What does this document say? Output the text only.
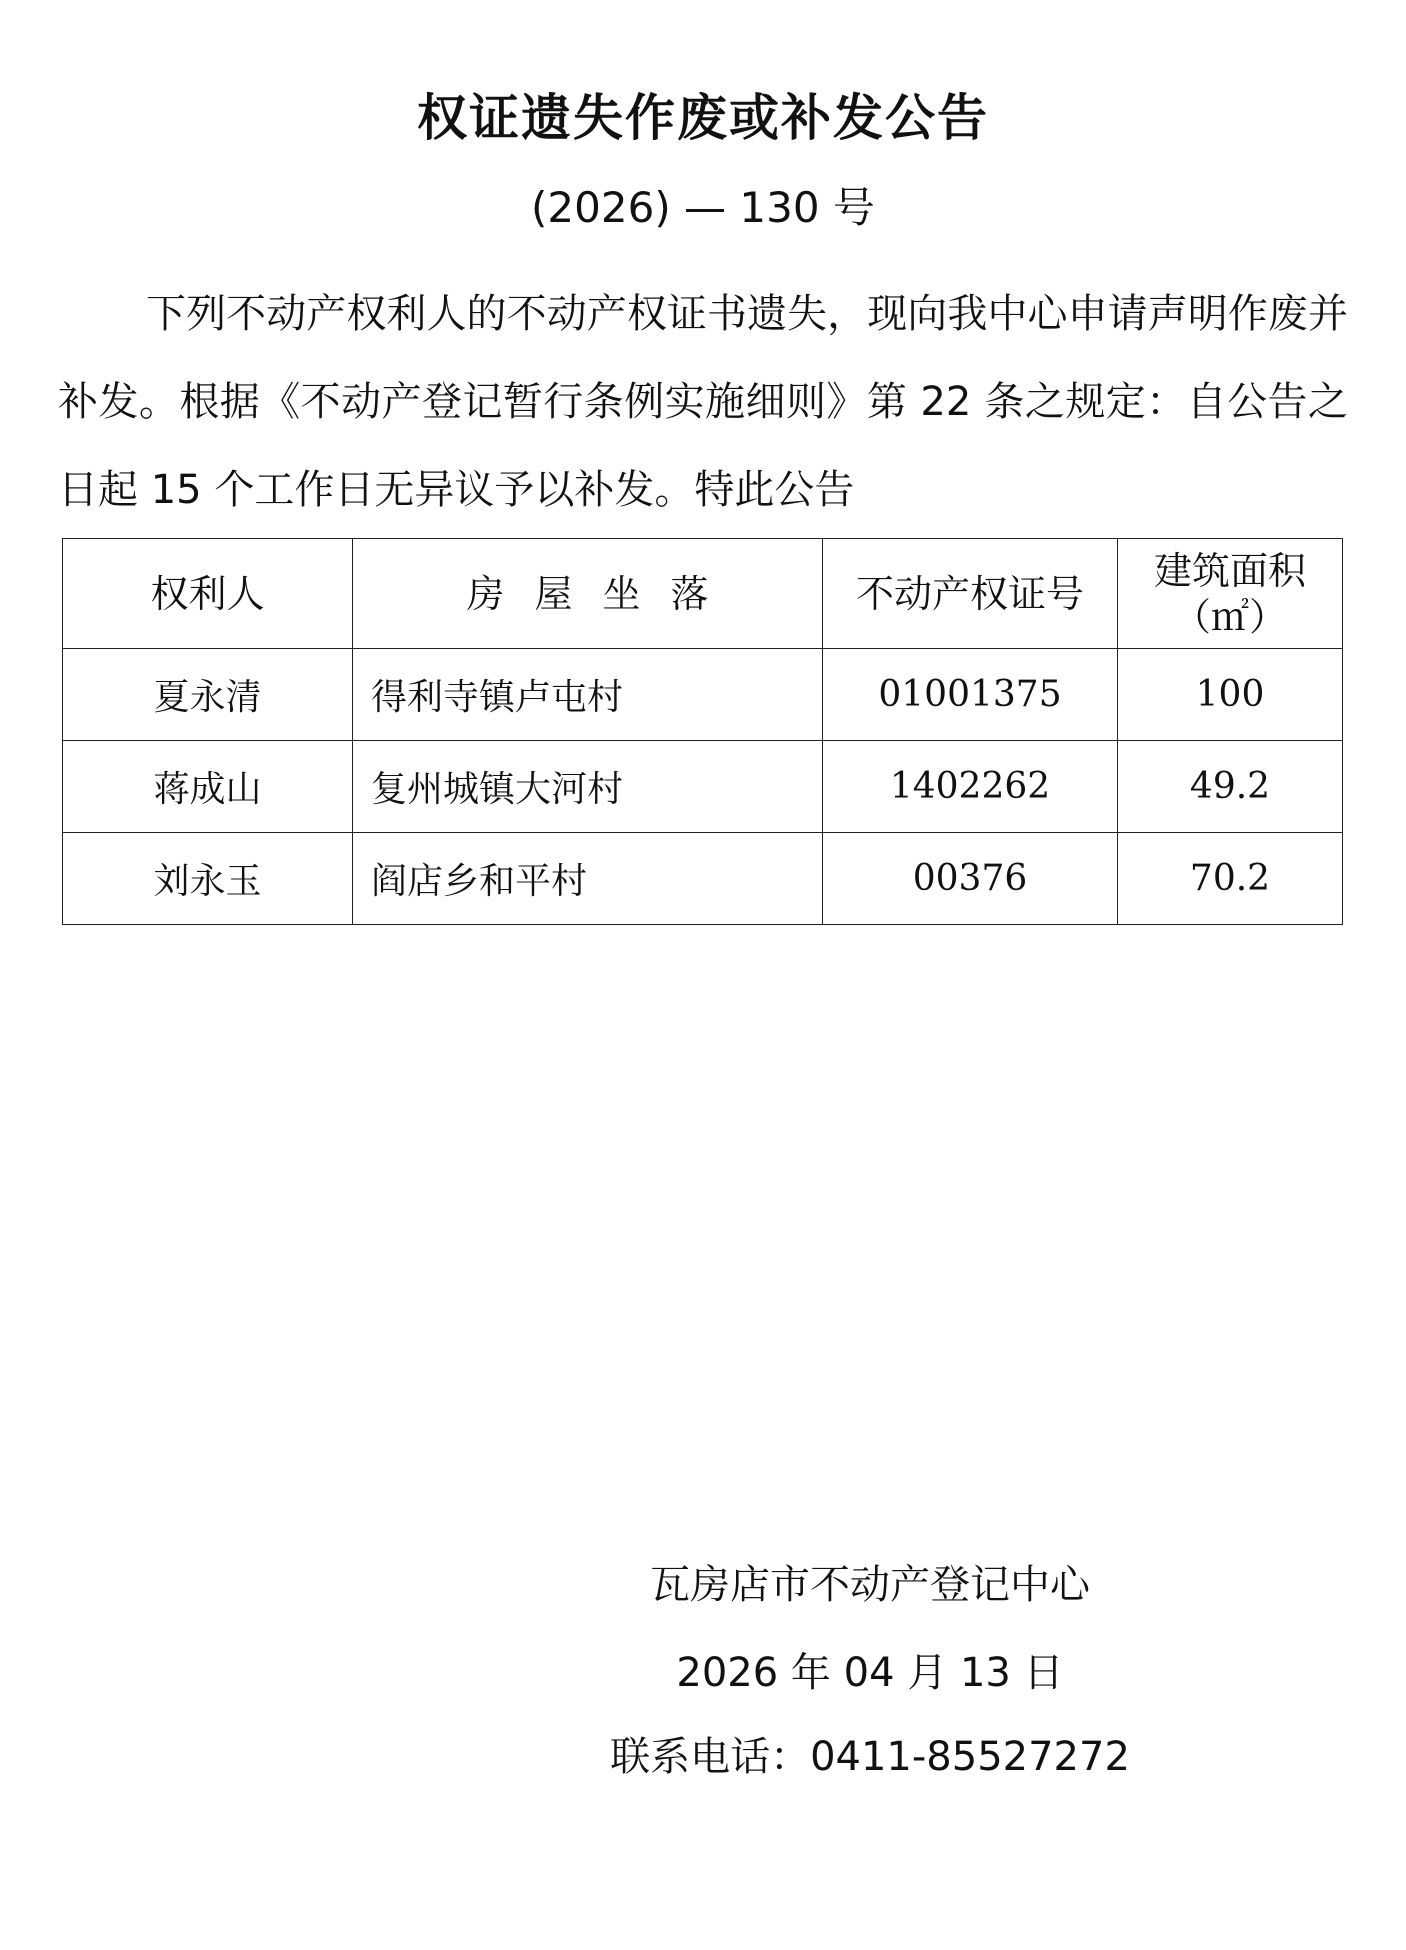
权证遗失作废或补发公告
(2026) — 130 号
下列不动产权利人的不动产权证书遗失，现向我中心申请声明作废并补发。根据《不动产登记暂行条例实施细则》第 22 条之规定：自公告之日起 15 个工作日无异议予以补发。特此公告
权利人	房屋坐落	不动产权证号	建筑面积（㎡）
夏永清	得利寺镇卢屯村	01001375	100
蒋成山	复州城镇大河村	1402262	49.2
刘永玉	阎店乡和平村	00376	70.2
瓦房店市不动产登记中心
2026 年 04 月 13 日
联系电话：0411-85527272
